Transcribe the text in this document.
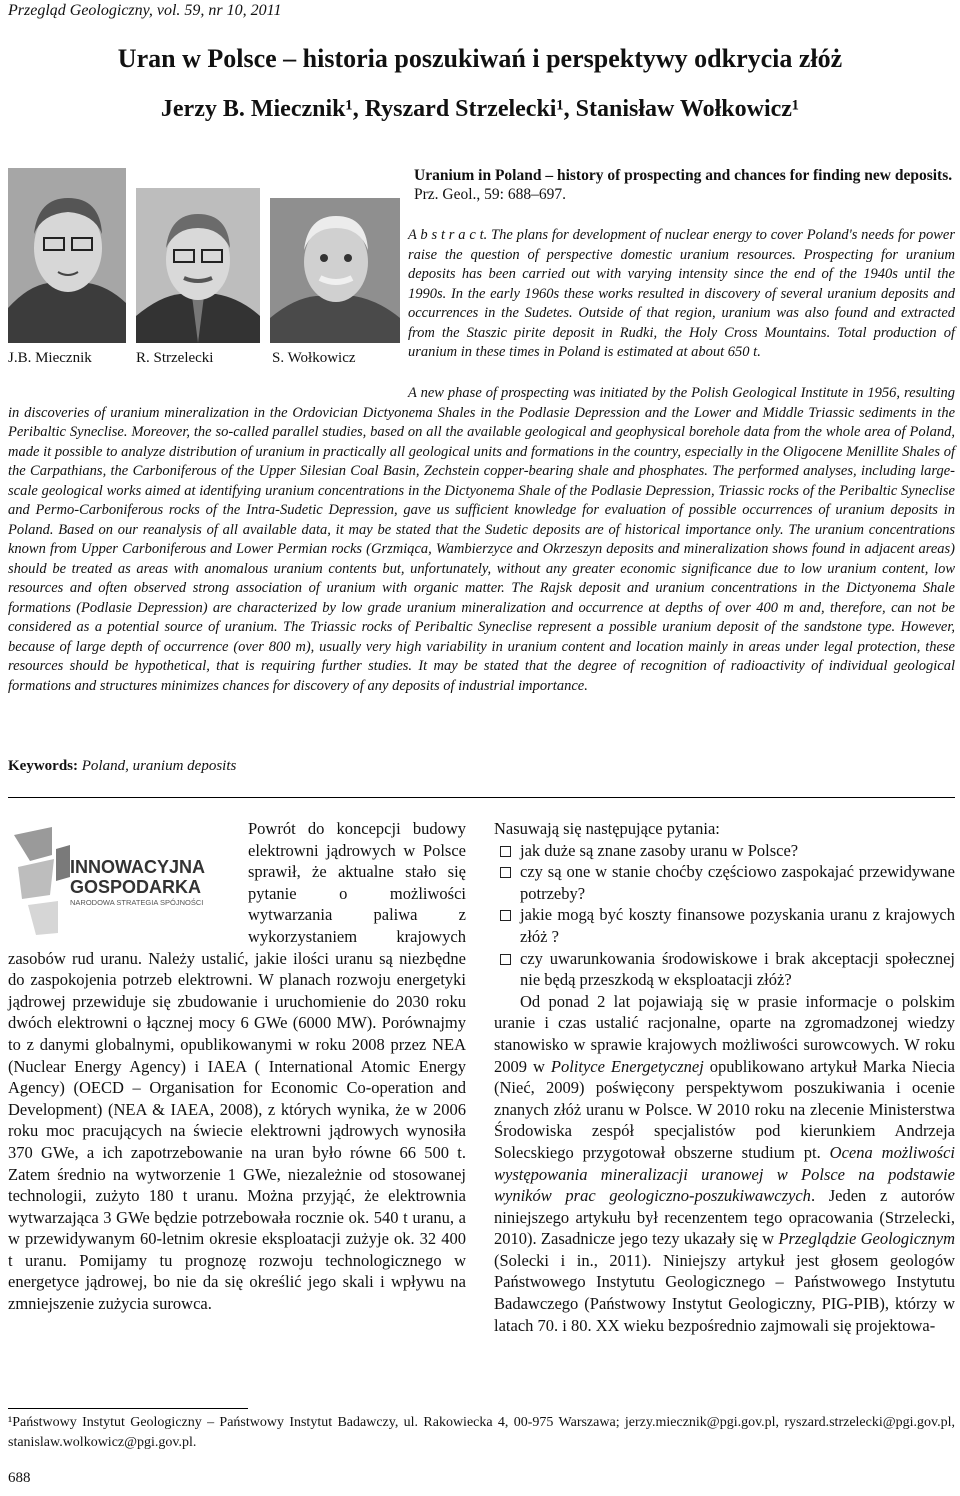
Przegląd Geologiczny, vol. 59, nr 10, 2011
Uran w Polsce – historia poszukiwań i perspektywy odkrycia złóż
Jerzy B. Miecznik¹, Ryszard Strzelecki¹, Stanisław Wołkowicz¹
J.B. Miecznik	R. Strzelecki	S. Wołkowicz
Uranium in Poland – history of prospecting and chances for finding new deposits. Prz. Geol., 59: 688–697.
A b s t r a c t. The plans for development of nuclear energy to cover Poland's needs for power raise the question of perspective domestic uranium resources. Prospecting for uranium deposits has been carried out with varying intensity since the end of the 1940s until the 1990s. In the early 1960s these works resulted in discovery of several uranium deposits and occurrences in the Sudetes. Outside of that region, uranium was also found and extracted from the Staszic pirite deposit in Rudki, the Holy Cross Mountains. Total production of uranium in these times in Poland is estimated at about 650 t.
A new phase of prospecting was initiated by the Polish Geological Institute in 1956, resulting in discoveries of uranium mineralization in the Ordovician Dictyonema Shales in the Podlasie Depression and the Lower and Middle Triassic sediments in the Peribaltic Syneclise. Moreover, the so-called parallel studies, based on all the available geological and geophysical borehole data from the whole area of Poland, made it possible to analyze distribution of uranium in practically all geological units and formations in the country, especially in the Oligocene Menillite Shales of the Carpathians, the Carboniferous of the Upper Silesian Coal Basin, Zechstein copper-bearing shale and phosphates. The performed analyses, including large-scale geological works aimed at identifying uranium concentrations in the Dictyonema Shale of the Podlasie Depression, Triassic rocks of the Peribaltic Syneclise and Permo-Carboniferous rocks of the Intra-Sudetic Depression, gave us sufficient knowledge for evaluation of possible occurrences of uranium deposits in Poland. Based on our reanalysis of all available data, it may be stated that the Sudetic deposits are of historical importance only. The uranium concentrations known from Upper Carboniferous and Lower Permian rocks (Grzmiąca, Wambierzyce and Okrzeszyn deposits and mineralization shows found in adjacent areas) should be treated as areas with anomalous uranium contents but, unfortunately, without any greater economic significance due to low uranium content, low resources and often observed strong association of uranium with organic matter. The Rajsk deposit and uranium concentrations in the Dictyonema Shale formations (Podlasie Depression) are characterized by low grade uranium mineralization and occurrence at depths of over 400 m and, therefore, can not be considered as a potential source of uranium. The Triassic rocks of Peribaltic Syneclise represent a possible uranium deposit of the sandstone type. However, because of large depth of occurrence (over 800 m), usually very high variability in uranium content and location mainly in areas under legal protection, these resources should be hypothetical, that is requiring further studies. It may be stated that the degree of recognition of radioactivity of individual geological formations and structures minimizes chances for discovery of any deposits of industrial importance.
Keywords: Poland, uranium deposits
INNOWACYJNA
GOSPODARKA
NARODOWA STRATEGIA SPÓJNOŚCI
Powrót do koncepcji budowy elektrowni jądrowych w Polsce sprawił, że aktualne stało się pytanie o możliwości wytwarzania paliwa z wykorzystaniem krajowych zasobów rud uranu. Należy ustalić, jakie ilości uranu są niezbędne do zaspokojenia potrzeb elektrowni. W planach rozwoju energetyki jądrowej przewiduje się zbudowanie i uruchomienie do 2030 roku dwóch elektrowni o łącznej mocy 6 GWe (6000 MW). Porównajmy to z danymi globalnymi, opublikowanymi w roku 2008 przez NEA (Nuclear Energy Agency) i IAEA ( International Atomic Energy Agency) (OECD – Organisation for Economic Co-operation and Development) (NEA & IAEA, 2008), z których wynika, że w 2006 roku moc pracujących na świecie elektrowni jądrowych wynosiła 370 GWe, a ich zapotrzebowanie na uran było równe 66 500 t. Zatem średnio na wytworzenie 1 GWe, niezależnie od stosowanej technologii, zużyto 180 t uranu. Można przyjąć, że elektrownia wytwarzająca 3 GWe będzie potrzebowała rocznie ok. 540 t uranu, a w przewidywanym 60-letnim okresie eksploatacji zużyje ok. 32 400 t uranu. Pomijamy tu prognozę rozwoju technologicznego w energetyce jądrowej, bo nie da się określić jego skali i wpływu na zmniejszenie zużycia surowca.
Nasuwają się następujące pytania:
jak duże są znane zasoby uranu w Polsce?
czy są one w stanie choćby częściowo zaspokajać przewidywane potrzeby?
jakie mogą być koszty finansowe pozyskania uranu z krajowych złóż ?
czy uwarunkowania środowiskowe i brak akceptacji społecznej nie będą przeszkodą w eksploatacji złóż?

Od ponad 2 lat pojawiają się w prasie informacje o polskim uranie i czas ustalić racjonalne, oparte na zgromadzonej wiedzy stanowisko w sprawie krajowych możliwości surowcowych. W roku 2009 w Polityce Energetycznej opublikowano artykuł Marka Niecia (Nieć, 2009) poświęcony perspektywom poszukiwania i ocenie znanych złóż uranu w Polsce. W 2010 roku na zlecenie Ministerstwa Środowiska zespół specjalistów pod kierunkiem Andrzeja Solecskiego przygotował obszerne studium pt. Ocena możliwości występowania mineralizacji uranowej w Polsce na podstawie wyników prac geologiczno-poszukiwawczych. Jeden z autorów niniejszego artykułu był recenzentem tego opracowania (Strzelecki, 2010). Zasadnicze jego tezy ukazały się w Przeglądzie Geologicznym (Solecki i in., 2011). Niniejszy artykuł jest głosem geologów Państwowego Instytutu Geologicznego – Państwowego Instytutu Badawczego (Państwowy Instytut Geologiczny, PIG-PIB), którzy w latach 70. i 80. XX wieku bezpośrednio zajmowali się projektowa-

¹Państwowy Instytut Geologiczny – Państwowy Instytut Badawczy, ul. Rakowiecka 4, 00-975 Warszawa; jerzy.miecznik@pgi.gov.pl, ryszard.strzelecki@pgi.gov.pl, stanislaw.wolkowicz@pgi.gov.pl.
688
